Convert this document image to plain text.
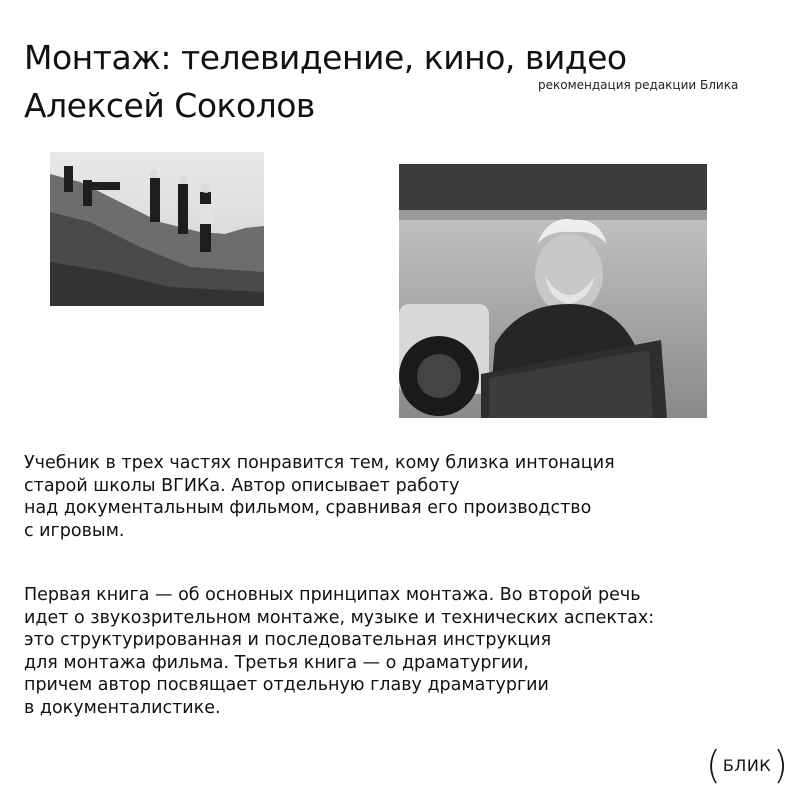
Монтаж: телевидение, кино, видео
Алексей Соколов
рекомендация редакции Блика

Учебник в трех частях понравится тем, кому близка интонация
старой школы ВГИКа. Автор описывает работу
над документальным фильмом, сравнивая его производство
с игровым.

Первая книга — об основных принципах монтажа. Во второй речь
идет о звукозрительном монтаже, музыке и технических аспектах:
это структурированная и последовательная инструкция
для монтажа фильма. Третья книга — о драматургии,
причем автор посвящает отдельную главу драматургии
в документалистике.

( БЛИК )
